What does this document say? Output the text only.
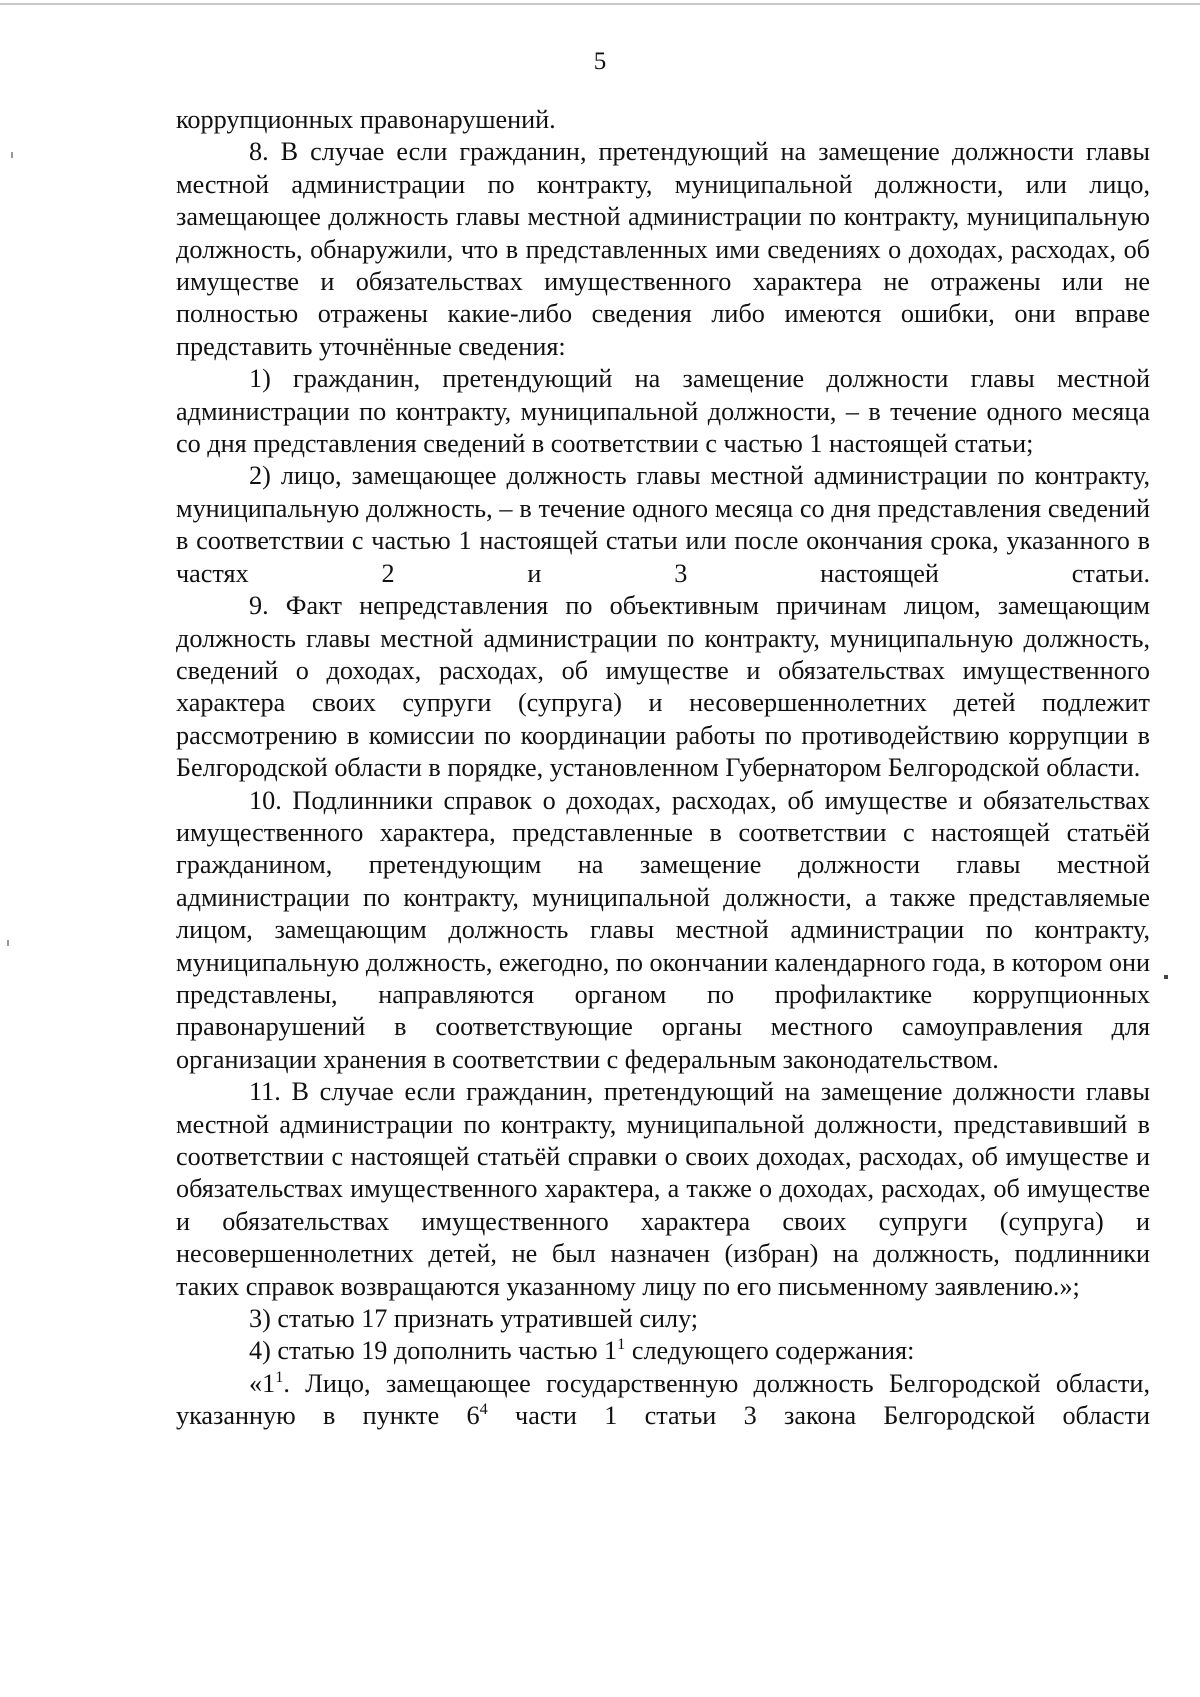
5

коррупционных правонарушений.

8. В случае если гражданин, претендующий на замещение должности главы местной администрации по контракту, муниципальной должности, или лицо, замещающее должность главы местной администрации по контракту, муниципальную должность, обнаружили, что в представленных ими сведениях о доходах, расходах, об имуществе и обязательствах имущественного характера не отражены или не полностью отражены какие-либо сведения либо имеются ошибки, они вправе представить уточнённые сведения:

1) гражданин, претендующий на замещение должности главы местной администрации по контракту, муниципальной должности, – в течение одного месяца со дня представления сведений в соответствии с частью 1 настоящей статьи;

2) лицо, замещающее должность главы местной администрации по контракту, муниципальную должность, – в течение одного месяца со дня представления сведений в соответствии с частью 1 настоящей статьи или после окончания срока, указанного в частях 2 и 3 настоящей статьи.

9. Факт непредставления по объективным причинам лицом, замещающим должность главы местной администрации по контракту, муниципальную должность, сведений о доходах, расходах, об имуществе и обязательствах имущественного характера своих супруги (супруга) и несовершеннолетних детей подлежит рассмотрению в комиссии по координации работы по противодействию коррупции в Белгородской области в порядке, установленном Губернатором Белгородской области.

10. Подлинники справок о доходах, расходах, об имуществе и обязательствах имущественного характера, представленные в соответствии с настоящей статьёй гражданином, претендующим на замещение должности главы местной администрации по контракту, муниципальной должности, а также представляемые лицом, замещающим должность главы местной администрации по контракту, муниципальную должность, ежегодно, по окончании календарного года, в котором они представлены, направляются органом по профилактике коррупционных правонарушений в соответствующие органы местного самоуправления для организации хранения в соответствии с федеральным законодательством.

11. В случае если гражданин, претендующий на замещение должности главы местной администрации по контракту, муниципальной должности, представивший в соответствии с настоящей статьёй справки о своих доходах, расходах, об имуществе и обязательствах имущественного характера, а также о доходах, расходах, об имуществе и обязательствах имущественного характера своих супруги (супруга) и несовершеннолетних детей, не был назначен (избран) на должность, подлинники таких справок возвращаются указанному лицу по его письменному заявлению.»;

3) статью 17 признать утратившей силу;

4) статью 19 дополнить частью $1^1$ следующего содержания:

«$1^1$. Лицо, замещающее государственную должность Белгородской области, указанную в пункте $6^4$ части 1 статьи 3 закона Белгородской области
